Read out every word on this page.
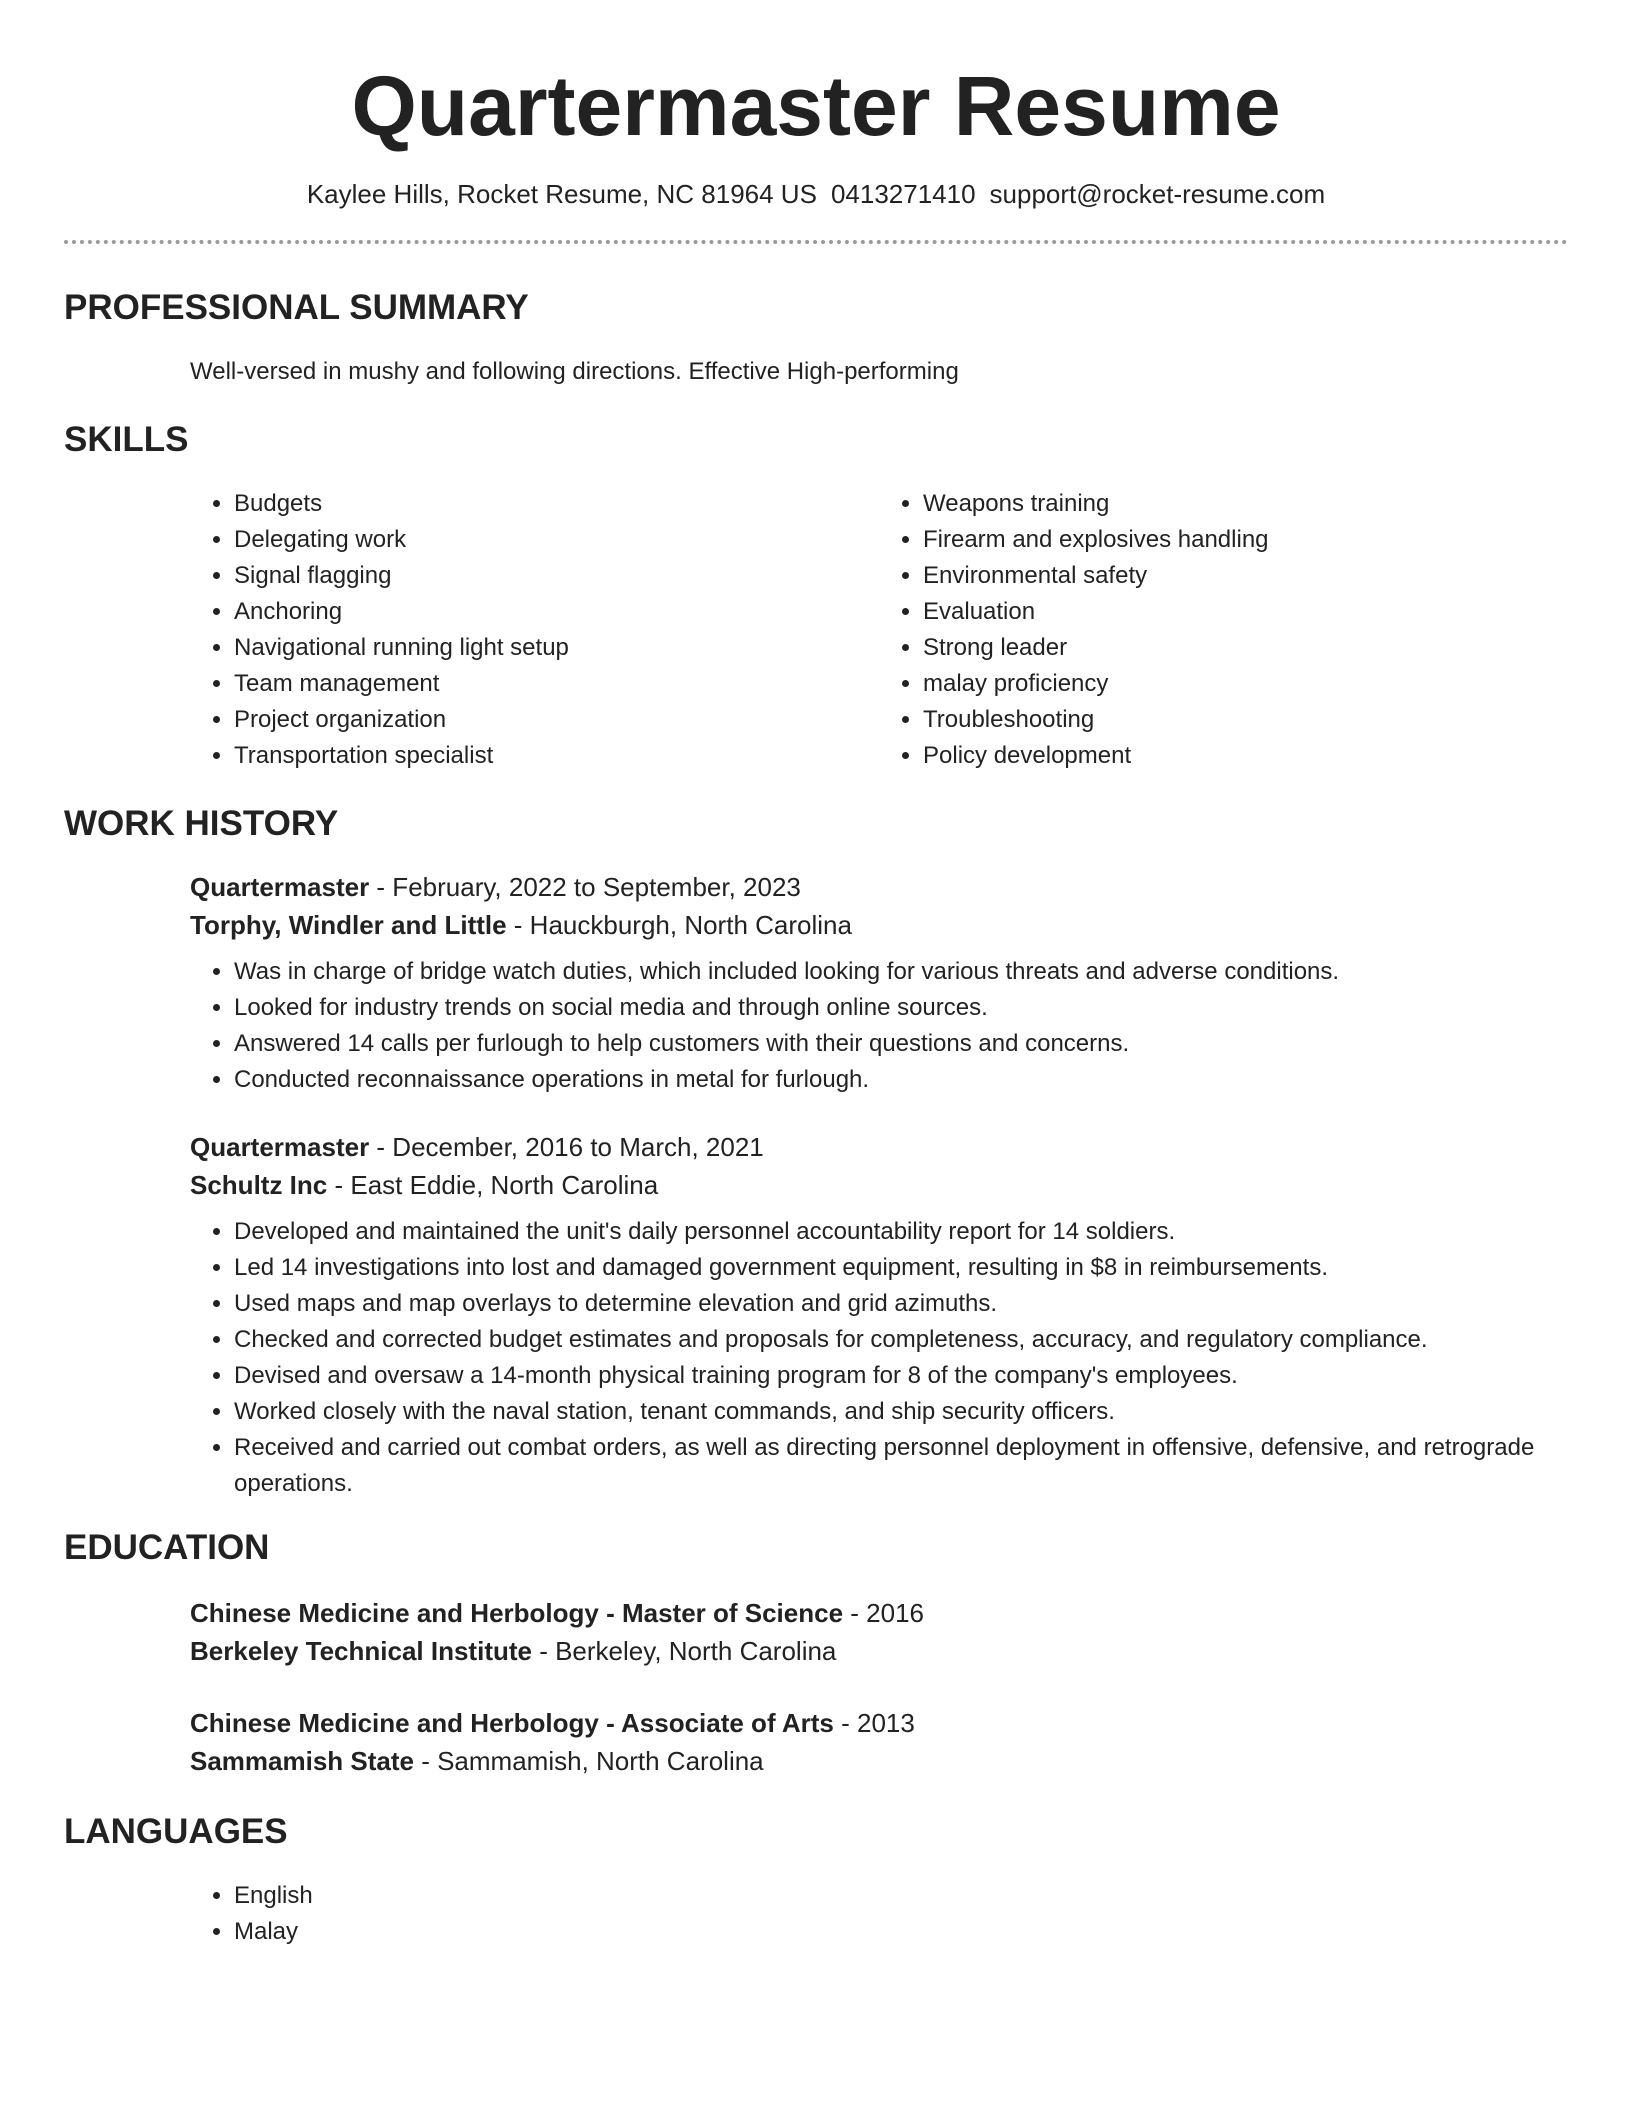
Quartermaster Resume
Kaylee Hills, Rocket Resume, NC 81964 US 0413271410 support@rocket-resume.com
PROFESSIONAL SUMMARY
Well-versed in mushy and following directions. Effective High-performing
SKILLS
• Budgets
• Delegating work
• Signal flagging
• Anchoring
• Navigational running light setup
• Team management
• Project organization
• Transportation specialist
• Weapons training
• Firearm and explosives handling
• Environmental safety
• Evaluation
• Strong leader
• malay proficiency
• Troubleshooting
• Policy development
WORK HISTORY
Quartermaster - February, 2022 to September, 2023
Torphy, Windler and Little - Hauckburgh, North Carolina
• Was in charge of bridge watch duties, which included looking for various threats and adverse conditions.
• Looked for industry trends on social media and through online sources.
• Answered 14 calls per furlough to help customers with their questions and concerns.
• Conducted reconnaissance operations in metal for furlough.
Quartermaster - December, 2016 to March, 2021
Schultz Inc - East Eddie, North Carolina
• Developed and maintained the unit's daily personnel accountability report for 14 soldiers.
• Led 14 investigations into lost and damaged government equipment, resulting in $8 in reimbursements.
• Used maps and map overlays to determine elevation and grid azimuths.
• Checked and corrected budget estimates and proposals for completeness, accuracy, and regulatory compliance.
• Devised and oversaw a 14-month physical training program for 8 of the company's employees.
• Worked closely with the naval station, tenant commands, and ship security officers.
• Received and carried out combat orders, as well as directing personnel deployment in offensive, defensive, and retrograde operations.
EDUCATION
Chinese Medicine and Herbology - Master of Science - 2016
Berkeley Technical Institute - Berkeley, North Carolina
Chinese Medicine and Herbology - Associate of Arts - 2013
Sammamish State - Sammamish, North Carolina
LANGUAGES
• English
• Malay
